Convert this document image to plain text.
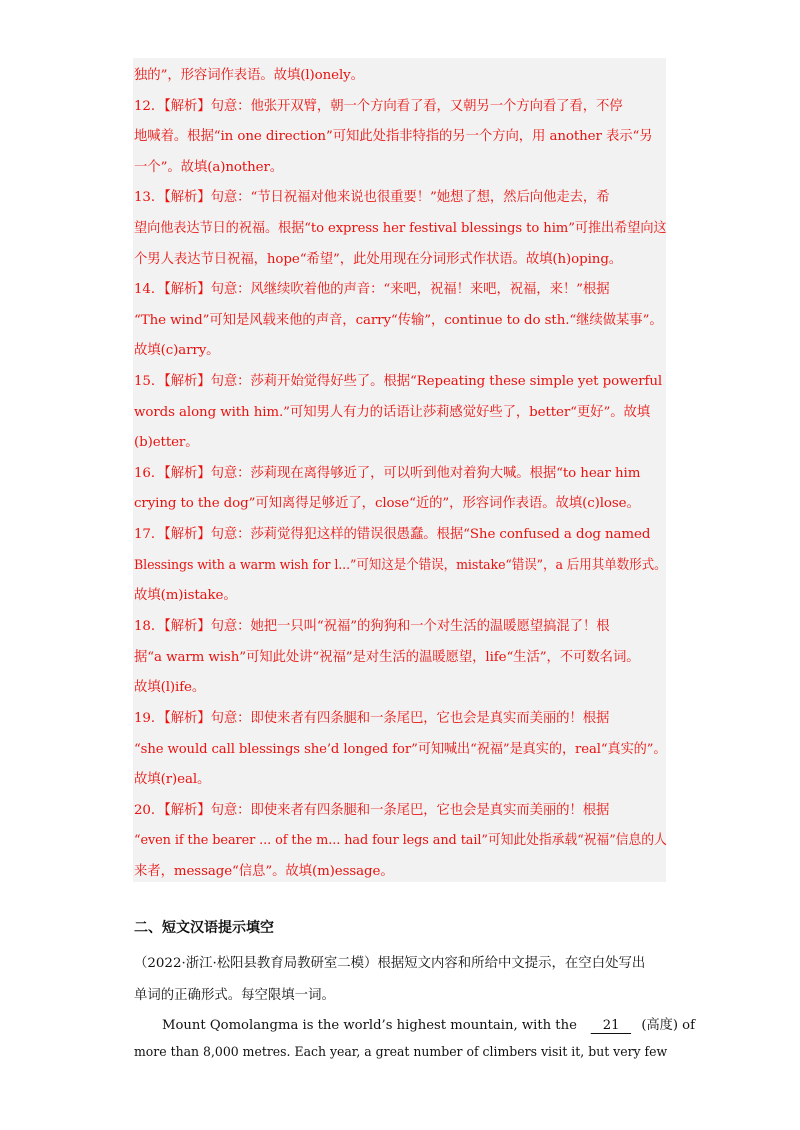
独的”，形容词作表语。故填(l)onely。
12．【解析】句意：他张开双臂，朝一个方向看了看，又朝另一个方向看了看，不停
地喊着。根据“in one direction”可知此处指非特指的另一个方向，用 another 表示“另
一个”。故填(a)nother。
13．【解析】句意：“节日祝福对他来说也很重要！”她想了想，然后向他走去，希
望向他表达节日的祝福。根据“to express her festival blessings to him”可推出希望向这
个男人表达节日祝福，hope“希望”，此处用现在分词形式作状语。故填(h)oping。
14．【解析】句意：风继续吹着他的声音：“来吧，祝福！来吧，祝福，来！”根据
“The wind”可知是风载来他的声音，carry“传输”，continue to do sth.“继续做某事”。
故填(c)arry。
15．【解析】句意：莎莉开始觉得好些了。根据“Repeating these simple yet powerful
words along with him.”可知男人有力的话语让莎莉感觉好些了，better“更好”。故填
(b)etter。
16．【解析】句意：莎莉现在离得够近了，可以听到他对着狗大喊。根据“to hear him
crying to the dog”可知离得足够近了，close“近的”，形容词作表语。故填(c)lose。
17．【解析】句意：莎莉觉得犯这样的错误很愚蠢。根据“She confused a dog named
Blessings with a warm wish for l...”可知这是个错误，mistake“错误”，a 后用其单数形式。
故填(m)istake。
18．【解析】句意：她把一只叫“祝福”的狗狗和一个对生活的温暖愿望搞混了！根
据“a warm wish”可知此处讲“祝福”是对生活的温暖愿望，life“生活”，不可数名词。
故填(l)ife。
19．【解析】句意：即使来者有四条腿和一条尾巴，它也会是真实而美丽的！根据
“she would call blessings she’d longed for”可知喊出“祝福”是真实的，real“真实的”。
故填(r)eal。
20．【解析】句意：即使来者有四条腿和一条尾巴，它也会是真实而美丽的！根据
“even if the bearer ... of the m... had four legs and tail”可知此处指承载“祝福”信息的人
来者，message“信息”。故填(m)essage。
二、短文汉语提示填空
（2022·浙江·松阳县教育局教研室二模）根据短文内容和所给中文提示，在空白处写出
单词的正确形式。每空限填一词。
Mount Qomolangma is the world’s highest mountain, with the 21 (高度) of
more than 8,000 metres. Each year, a great number of climbers visit it, but very few
